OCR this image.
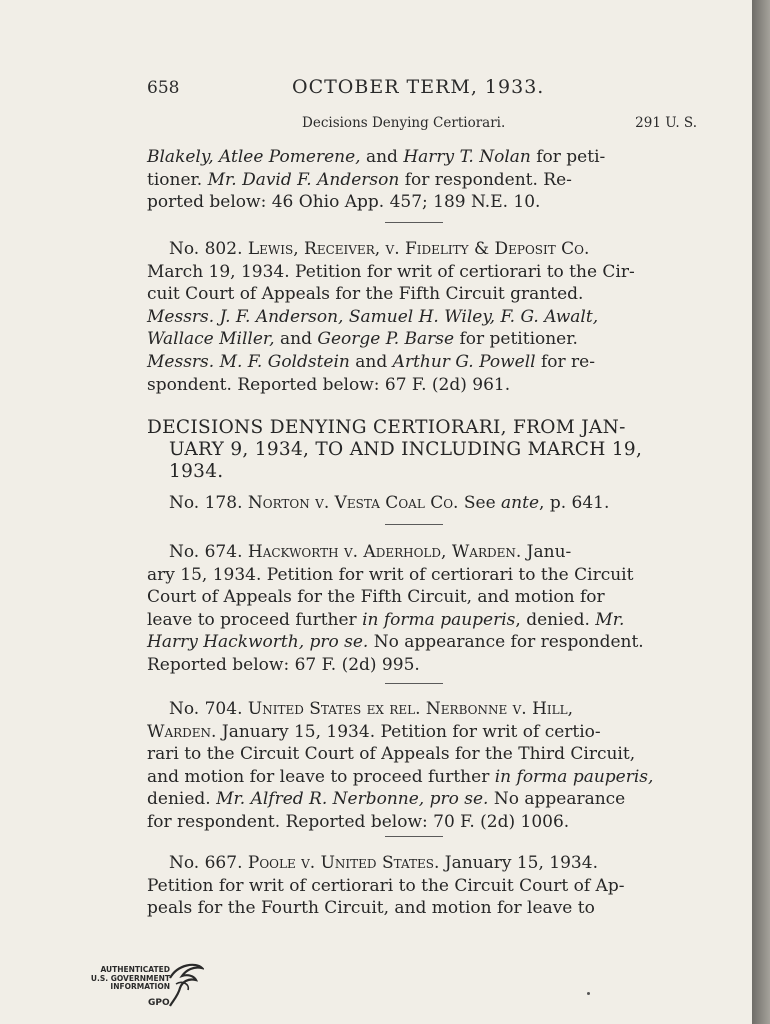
658	OCTOBER TERM, 1933.
Decisions Denying Certiorari.	291 U. S.
Blakely, Atlee Pomerene, and Harry T. Nolan for peti-
tioner. Mr. David F. Anderson for respondent. Re-
ported below: 46 Ohio App. 457; 189 N.E. 10.
No. 802. Lewis, Receiver, v. Fidelity & Deposit Co.
March 19, 1934. Petition for writ of certiorari to the Cir-
cuit Court of Appeals for the Fifth Circuit granted.
Messrs. J. F. Anderson, Samuel H. Wiley, F. G. Awalt,
Wallace Miller, and George P. Barse for petitioner.
Messrs. M. F. Goldstein and Arthur G. Powell for re-
spondent. Reported below: 67 F. (2d) 961.
DECISIONS DENYING CERTIORARI, FROM JAN-
UARY 9, 1934, TO AND INCLUDING MARCH 19,
1934.
No. 178. Norton v. Vesta Coal Co. See ante, p. 641.
No. 674. Hackworth v. Aderhold, Warden. Janu-
ary 15, 1934. Petition for writ of certiorari to the Circuit
Court of Appeals for the Fifth Circuit, and motion for
leave to proceed further in forma pauperis, denied. Mr.
Harry Hackworth, pro se. No appearance for respondent.
Reported below: 67 F. (2d) 995.
No. 704. United States ex rel. Nerbonne v. Hill,
Warden. January 15, 1934. Petition for writ of certio-
rari to the Circuit Court of Appeals for the Third Circuit,
and motion for leave to proceed further in forma pauperis,
denied. Mr. Alfred R. Nerbonne, pro se. No appearance
for respondent. Reported below: 70 F. (2d) 1006.
No. 667. Poole v. United States. January 15, 1934.
Petition for writ of certiorari to the Circuit Court of Ap-
peals for the Fourth Circuit, and motion for leave to
AUTHENTICATED
U.S. GOVERNMENT
INFORMATION
GPO
